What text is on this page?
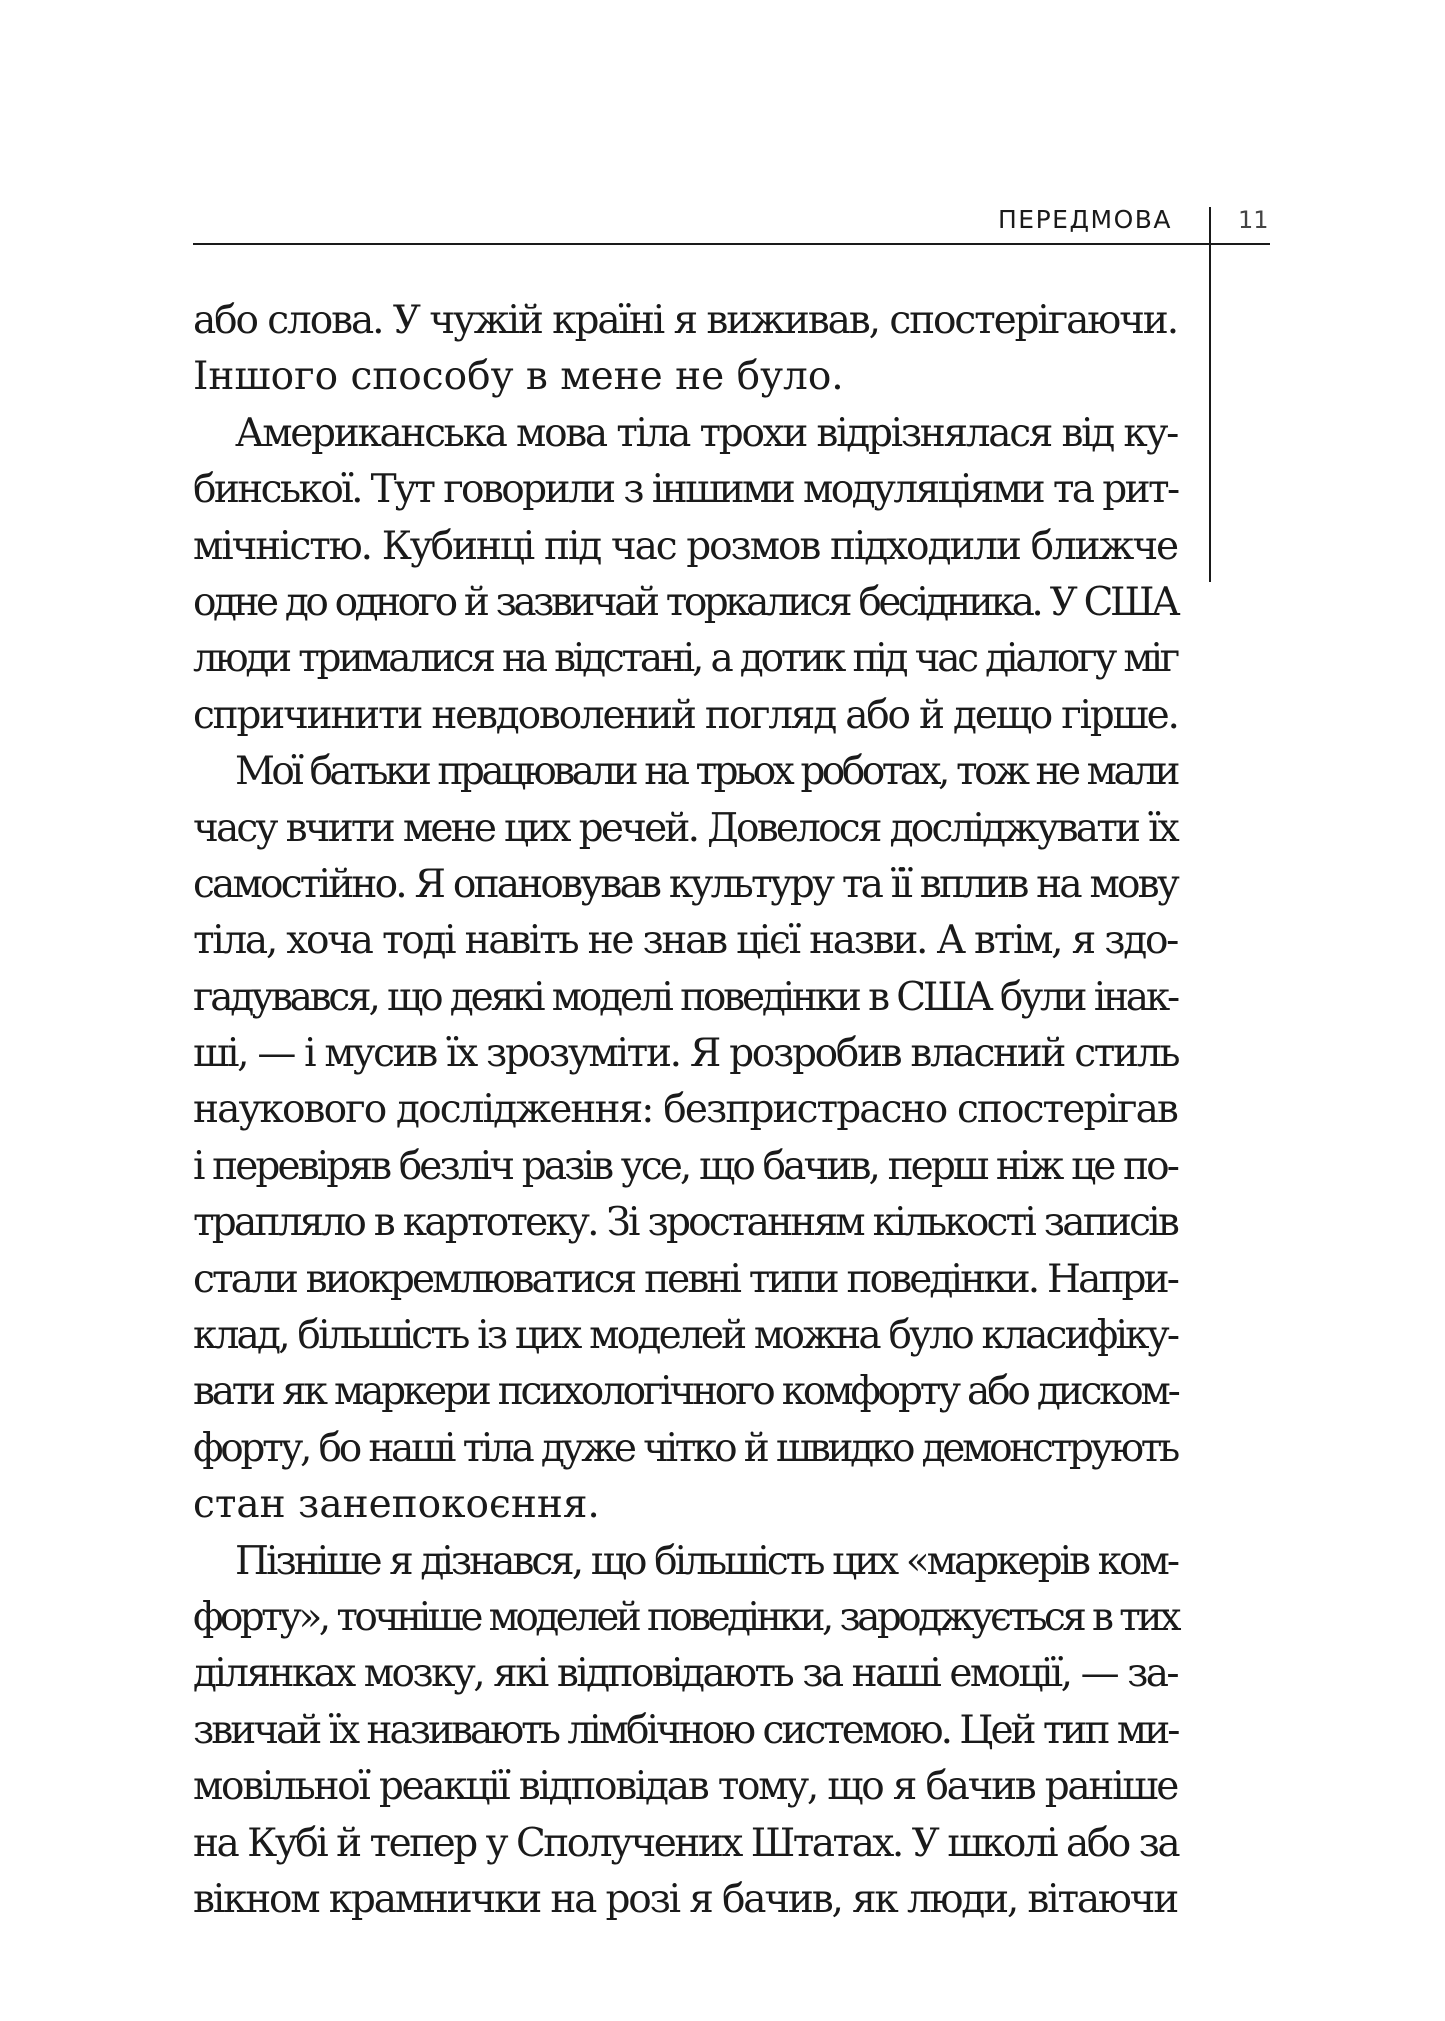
ПЕРЕДМОВА	11
або слова. У чужій країні я виживав, спостерігаючи.
Іншого способу в мене не було.
Американська мова тіла трохи відрізнялася від ку-
бинської. Тут говорили з іншими модуляціями та рит-
мічністю. Кубинці під час розмов підходили ближче
одне до одного й зазвичай торкалися бесідника. У США
люди трималися на відстані, а дотик під час діалогу міг
спричинити невдоволений погляд або й дещо гірше.
Мої батьки працювали на трьох роботах, тож не мали
часу вчити мене цих речей. Довелося досліджувати їх
самостійно. Я опановував культуру та її вплив на мову
тіла, хоча тоді навіть не знав цієї назви. А втім, я здо-
гадувався, що деякі моделі поведінки в США були інак-
ші, — і мусив їх зрозуміти. Я розробив власний стиль
наукового дослідження: безпристрасно спостерігав
і перевіряв безліч разів усе, що бачив, перш ніж це по-
трапляло в картотеку. Зі зростанням кількості записів
стали виокремлюватися певні типи поведінки. Напри-
клад, більшість із цих моделей можна було класифіку-
вати як маркери психологічного комфорту або диском-
форту, бо наші тіла дуже чітко й швидко демонструють
стан занепокоєння.
Пізніше я дізнався, що більшість цих «маркерів ком-
форту», точніше моделей поведінки, зароджується в тих
ділянках мозку, які відповідають за наші емоції, — за-
звичай їх називають лімбічною системою. Цей тип ми-
мовільної реакції відповідав тому, що я бачив раніше
на Кубі й тепер у Сполучених Штатах. У школі або за
вікном крамнички на розі я бачив, як люди, вітаючи
